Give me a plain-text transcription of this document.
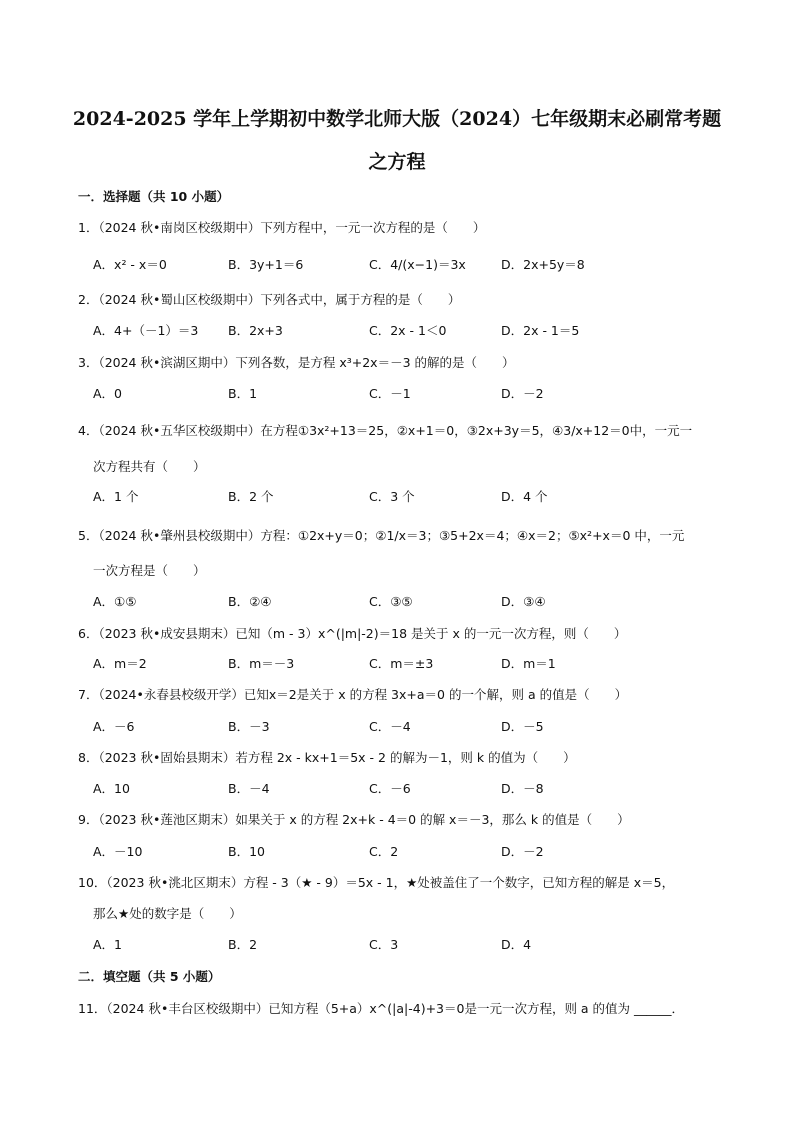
2024-2025 学年上学期初中数学北师大版（2024）七年级期末必刷常考题
之方程
一．选择题（共 10 小题）
1．（2024 秋•南岗区校级期中）下列方程中，一元一次方程的是（　　）
A．x² - x＝0	B．3y+1＝6	C．4/(x−1)＝3x	D．2x+5y＝8
2．（2024 秋•蜀山区校级期中）下列各式中，属于方程的是（　　）
A．4+（－1）＝3 B．2x+3	C．2x - 1＜0	D．2x - 1＝5
3．（2024 秋•滨湖区期中）下列各数，是方程 x³+2x＝－3 的解的是（　　）
A．0	B．1	C．－1	D．－2
4．（2024 秋•五华区校级期中）在方程①3x²+13＝25，②x+1＝0，③2x+3y＝5，④3/x+12＝0中，一元一
次方程共有（　　）
A．1 个	B．2 个	C．3 个	D．4 个
5．（2024 秋•肇州县校级期中）方程：①2x+y＝0；②1/x＝3；③5+2x＝4；④x＝2；⑤x²+x＝0 中，一元
一次方程是（　　）
A．①⑤	B．②④	C．③⑤	D．③④
6．（2023 秋•成安县期末）已知（m - 3）x^(|m|-2)＝18 是关于 x 的一元一次方程，则（　　）
A．m＝2	B．m＝－3	C．m＝±3	D．m＝1
7．（2024•永春县校级开学）已知x＝2是关于 x 的方程 3x+a＝0 的一个解，则 a 的值是（　　）
A．－6	B．－3	C．－4	D．－5
8．（2023 秋•固始县期末）若方程 2x - kx+1＝5x - 2 的解为－1，则 k 的值为（　　）
A．10	B．－4	C．－6	D．－8
9．（2023 秋•莲池区期末）如果关于 x 的方程 2x+k - 4＝0 的解 x＝－3，那么 k 的值是（　　）
A．－10	B．10	C．2	D．－2
10．（2023 秋•洮北区期末）方程 - 3（★ - 9）＝5x - 1，★处被盖住了一个数字，已知方程的解是 x＝5，
那么★处的数字是（　　）
A．1	B．2	C．3	D．4
二．填空题（共 5 小题）
11．（2024 秋•丰台区校级期中）已知方程（5+a）x^(|a|-4)+3＝0是一元一次方程，则 a 的值为 ______．
